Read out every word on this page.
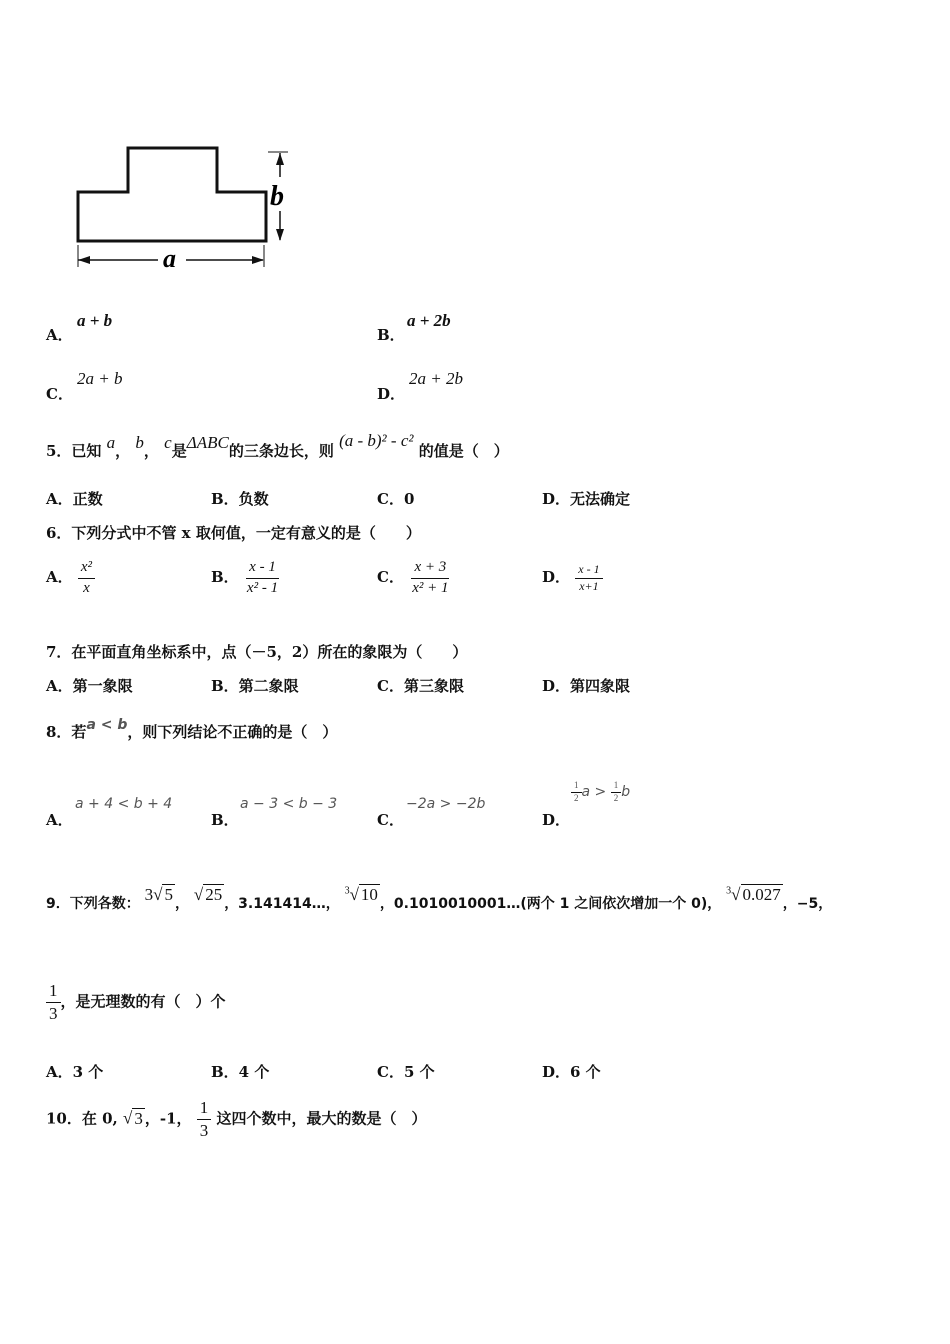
a
b
A．
a + b
B．
a + 2b
C．
2a + b
D．
2a + 2b
5．已知 a， b， c是ΔABC的三条边长，则 (a - b)² - c² 的值是（　）
A．正数	B．负数	C．0	D．无法确定
6．下列分式中不管 x 取何值，一定有意义的是（　　）
A． $\frac{\text{x²}}{x}$	B． $\frac{x - 1}{\text{x² - 1}}$	C． $\frac{x + 3}{\text{x² + 1}}$	D． $\frac{x - 1}{x+1}$
7．在平面直角坐标系中，点（－5，2）所在的象限为（　　）
A．第一象限	B．第二象限	C．第三象限	D．第四象限
8．若a < b，则下列结论不正确的是（　）
A．
a + 4 < b + 4
B．
a − 3 < b − 3
C．
−2a > −2b
D．
$\frac{1}{2}$ $a > \frac{1}{2}$ b
9．下列各数： 3√ 5 ， √ 25 ，3.141414…， $^3$√ 10 ，0.1010010001…(两个 1 之间依次增加一个 0)， $^3$√ 0.027 ，−5，
$\frac{1}{3}$ ，是无理数的有（　）个
A．3 个	B．4 个	C．5 个	D．6 个
10．在 0, √ 3 ，-1， $\frac{1}{3}$ 这四个数中，最大的数是（　）
